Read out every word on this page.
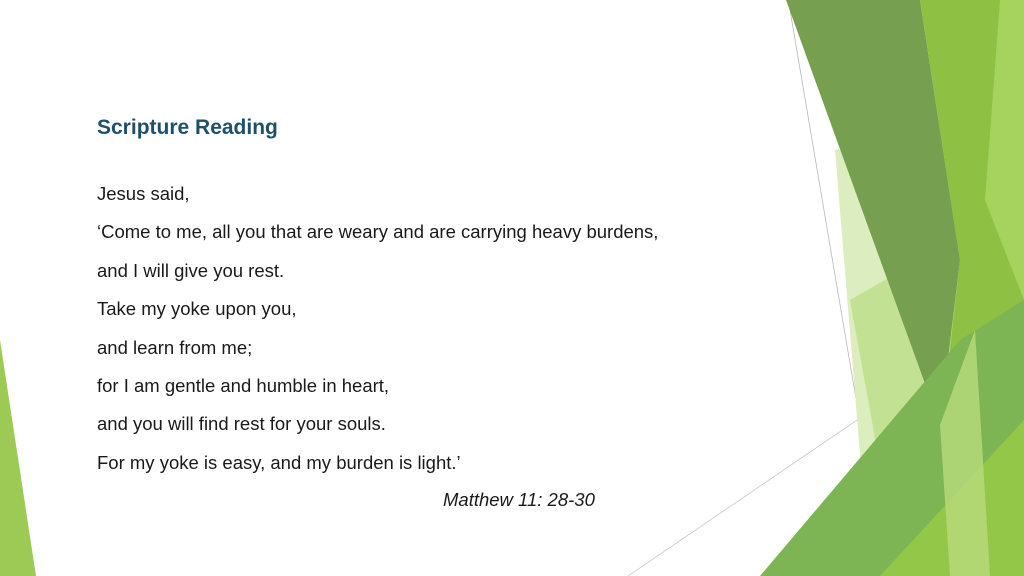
Scripture Reading
Jesus said,
‘Come to me, all you that are weary and are carrying heavy burdens,
and I will give you rest.
Take my yoke upon you,
and learn from me;
for I am gentle and humble in heart,
and you will find rest for your souls.
For my yoke is easy, and my burden is light.’
Matthew 11: 28-30
